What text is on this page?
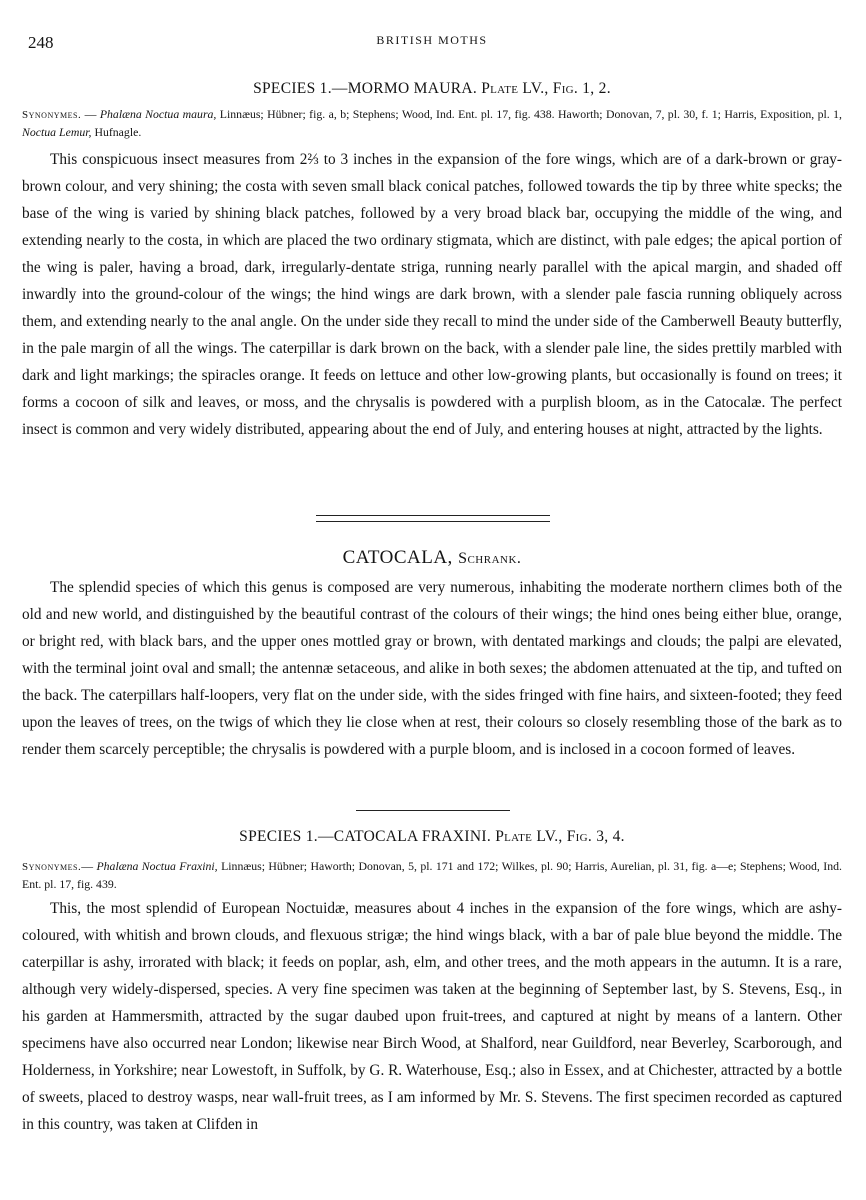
248	BRITISH MOTHS
SPECIES 1.—MORMO MAURA. Plate LV., Fig. 1, 2.
Synonymes. — Phalæna Noctua maura, Linnæus; Hübner; fig. a, b; Stephens; Wood, Ind. Ent. pl. 17, fig. 438. Haworth; Donovan, 7, pl. 30, f. 1; Harris, Exposition, pl. 1, Noctua Lemur, Hufnagle.

This conspicuous insect measures from 2⅔ to 3 inches in the expansion of the fore wings, which are of a dark-brown or gray-brown colour, and very shining; the costa with seven small black conical patches, followed towards the tip by three white specks; the base of the wing is varied by shining black patches, followed by a very broad black bar, occupying the middle of the wing, and extending nearly to the costa, in which are placed the two ordinary stigmata, which are distinct, with pale edges; the apical portion of the wing is paler, having a broad, dark, irregularly-dentate striga, running nearly parallel with the apical margin, and shaded off inwardly into the ground-colour of the wings; the hind wings are dark brown, with a slender pale fascia running obliquely across them, and extending nearly to the anal angle. On the under side they recall to mind the under side of the Camberwell Beauty butterfly, in the pale margin of all the wings. The caterpillar is dark brown on the back, with a slender pale line, the sides prettily marbled with dark and light markings; the spiracles orange. It feeds on lettuce and other low-growing plants, but occasionally is found on trees; it forms a cocoon of silk and leaves, or moss, and the chrysalis is powdered with a purplish bloom, as in the Catocalæ. The perfect insect is common and very widely distributed, appearing about the end of July, and entering houses at night, attracted by the lights.

CATOCALA, Schrank.

The splendid species of which this genus is composed are very numerous, inhabiting the moderate northern climes both of the old and new world, and distinguished by the beautiful contrast of the colours of their wings; the hind ones being either blue, orange, or bright red, with black bars, and the upper ones mottled gray or brown, with dentated markings and clouds; the palpi are elevated, with the terminal joint oval and small; the antennæ setaceous, and alike in both sexes; the abdomen attenuated at the tip, and tufted on the back. The caterpillars half-loopers, very flat on the under side, with the sides fringed with fine hairs, and sixteen-footed; they feed upon the leaves of trees, on the twigs of which they lie close when at rest, their colours so closely resembling those of the bark as to render them scarcely perceptible; the chrysalis is powdered with a purple bloom, and is inclosed in a cocoon formed of leaves.

SPECIES 1.—CATOCALA FRAXINI. Plate LV., Fig. 3, 4.
Synonymes.— Phalæna Noctua Fraxini, Linnæus; Hübner; Haworth; Donovan, 5, pl. 171 and 172; Wilkes, pl. 90; Harris, Aurelian, pl. 31, fig. a—e; Stephens; Wood, Ind. Ent. pl. 17, fig. 439.

This, the most splendid of European Noctuidæ, measures about 4 inches in the expansion of the fore wings, which are ashy-coloured, with whitish and brown clouds, and flexuous strigæ; the hind wings black, with a bar of pale blue beyond the middle. The caterpillar is ashy, irrorated with black; it feeds on poplar, ash, elm, and other trees, and the moth appears in the autumn. It is a rare, although very widely-dispersed, species. A very fine specimen was taken at the beginning of September last, by S. Stevens, Esq., in his garden at Hammersmith, attracted by the sugar daubed upon fruit-trees, and captured at night by means of a lantern. Other specimens have also occurred near London; likewise near Birch Wood, at Shalford, near Guildford, near Beverley, Scarborough, and Holderness, in Yorkshire; near Lowestoft, in Suffolk, by G. R. Waterhouse, Esq.; also in Essex, and at Chichester, attracted by a bottle of sweets, placed to destroy wasps, near wall-fruit trees, as I am informed by Mr. S. Stevens. The first specimen recorded as captured in this country, was taken at Clifden in
